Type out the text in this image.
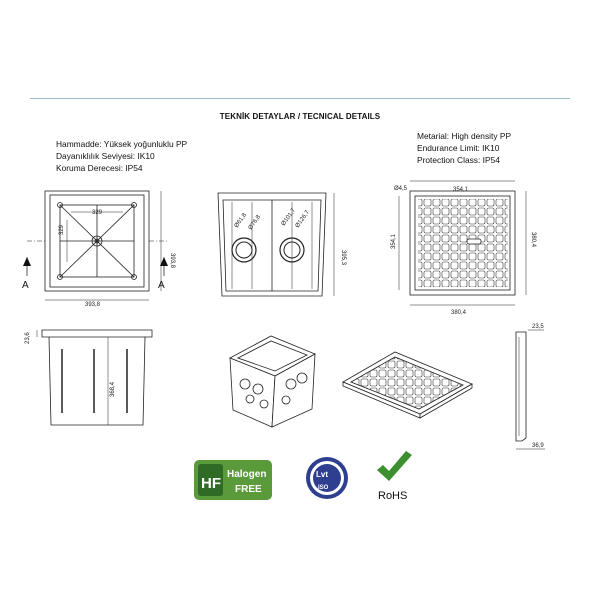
TEKNİK DETAYLAR / TECNICAL DETAILS
Hammadde: Yüksek yoğunluklu PP
Dayanıklılık Seviyesi: IK10
Koruma Derecesi: IP54
Metarial: High density PP
Endurance Limit: IK10
Protection Class: IP54
329
329
393,8
393,8
A	A
Ø61,8 Ø76,8	Ø101,7
Ø126,7
395,3
354,1
Ø4,5
354,1	380,4
380,4
23,6
368,4
23,5
36,9
HF
Halogen
FREE
Lvt
ISO
RoHS
